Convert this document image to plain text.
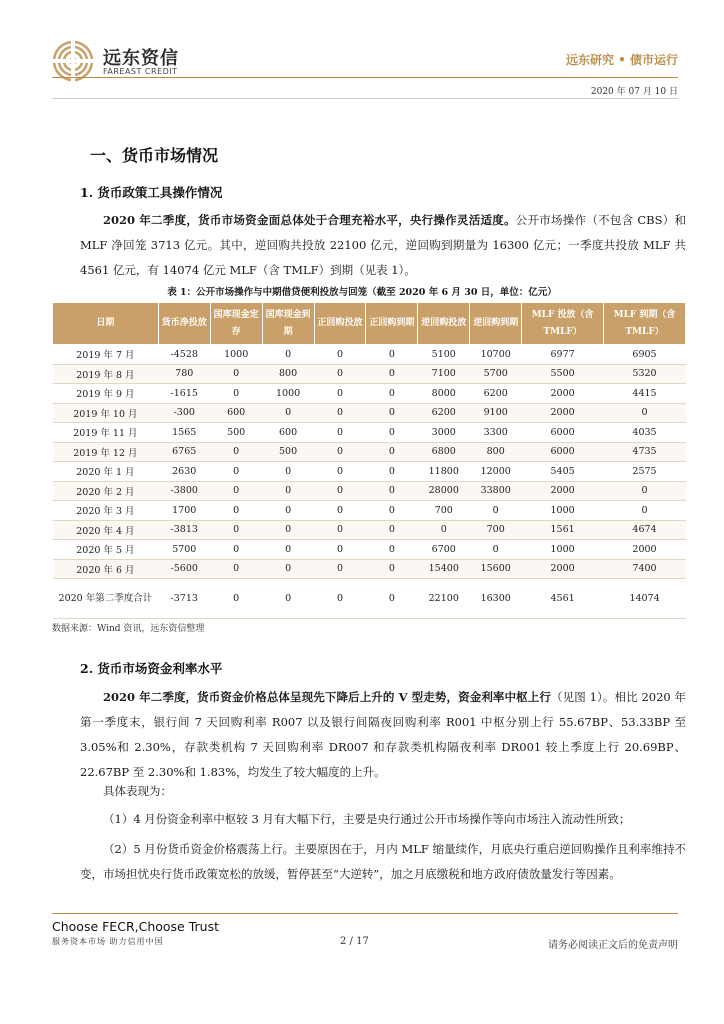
远东资信
FAREAST CREDIT
远东研究 • 债市运行
2020 年 07 月 10 日
一、货币市场情况
1. 货币政策工具操作情况

2020 年二季度，货币市场资金面总体处于合理充裕水平，央行操作灵活适度。公开市场操作（不包含 CBS）和 MLF 净回笼 3713 亿元。其中，逆回购共投放 22100 亿元，逆回购到期量为 16300 亿元；一季度共投放 MLF 共 4561 亿元，有 14074 亿元 MLF（含 TMLF）到期（见表 1）。

表 1：公开市场操作与中期借贷便利投放与回笼（截至 2020 年 6 月 30 日，单位：亿元）
日期	货币净投放	国库现金定存	国库现金到期	正回购投放	正回购到期	逆回购投放	逆回购到期	MLF 投放（含 TMLF）	MLF 到期（含 TMLF）
2019 年 7 月	-4528	1000	0	0	0	5100	10700	6977	6905
2019 年 8 月	780	0	800	0	0	7100	5700	5500	5320
2019 年 9 月	-1615	0	1000	0	0	8000	6200	2000	4415
2019 年 10 月	-300	600	0	0	0	6200	9100	2000	0
2019 年 11 月	1565	500	600	0	0	3000	3300	6000	4035
2019 年 12 月	6765	0	500	0	0	6800	800	6000	4735
2020 年 1 月	2630	0	0	0	0	11800	12000	5405	2575
2020 年 2 月	-3800	0	0	0	0	28000	33800	2000	0
2020 年 3 月	1700	0	0	0	0	700	0	1000	0
2020 年 4 月	-3813	0	0	0	0	0	700	1561	4674
2020 年 5 月	5700	0	0	0	0	6700	0	1000	2000
2020 年 6 月	-5600	0	0	0	0	15400	15600	2000	7400
2020 年第二季度合计	-3713	0	0	0	0	22100	16300	4561	14074
数据来源：Wind 资讯，远东资信整理
2. 货币市场资金利率水平

2020 年二季度，货币资金价格总体呈现先下降后上升的 V 型走势，资金利率中枢上行（见图 1）。相比 2020 年第一季度末，银行间 7 天回购利率 R007 以及银行间隔夜回购利率 R001 中枢分别上行 55.67BP、53.33BP 至 3.05%和 2.30%，存款类机构 7 天回购利率 DR007 和存款类机构隔夜利率 DR001 较上季度上行 20.69BP、22.67BP 至 2.30%和 1.83%，均发生了较大幅度的上升。

具体表现为：

（1）4 月份资金利率中枢较 3 月有大幅下行，主要是央行通过公开市场操作等向市场注入流动性所致；

（2）5 月份货币资金价格震荡上行。主要原因在于，月内 MLF 缩量续作，月底央行重启逆回购操作且利率维持不变，市场担忧央行货币政策宽松的放缓，暂停甚至“大逆转”，加之月底缴税和地方政府债放量发行等因素。

Choose FECR,Choose Trust
服务资本市场 助力信用中国	2 / 17	请务必阅读正文后的免责声明
